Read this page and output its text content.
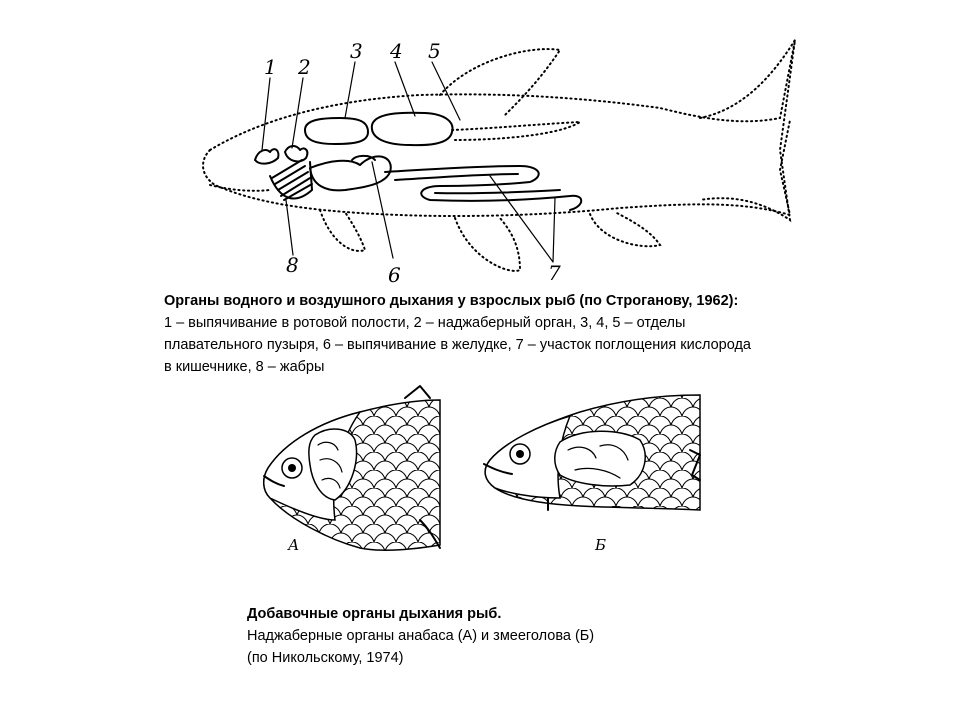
1 2
3 4 5
6	7
8
Органы водного и воздушного дыхания у взрослых рыб (по Строганову, 1962):
1 – выпячивание в ротовой полости, 2 – наджаберный орган, 3, 4, 5 – отделы
плавательного пузыря, 6 – выпячивание в желудке, 7 – участок поглощения кислорода
в кишечнике, 8 – жабры
А	Б
Добавочные органы дыхания рыб.
Наджаберные органы анабаса (А) и змееголова (Б)
(по Никольскому, 1974)
